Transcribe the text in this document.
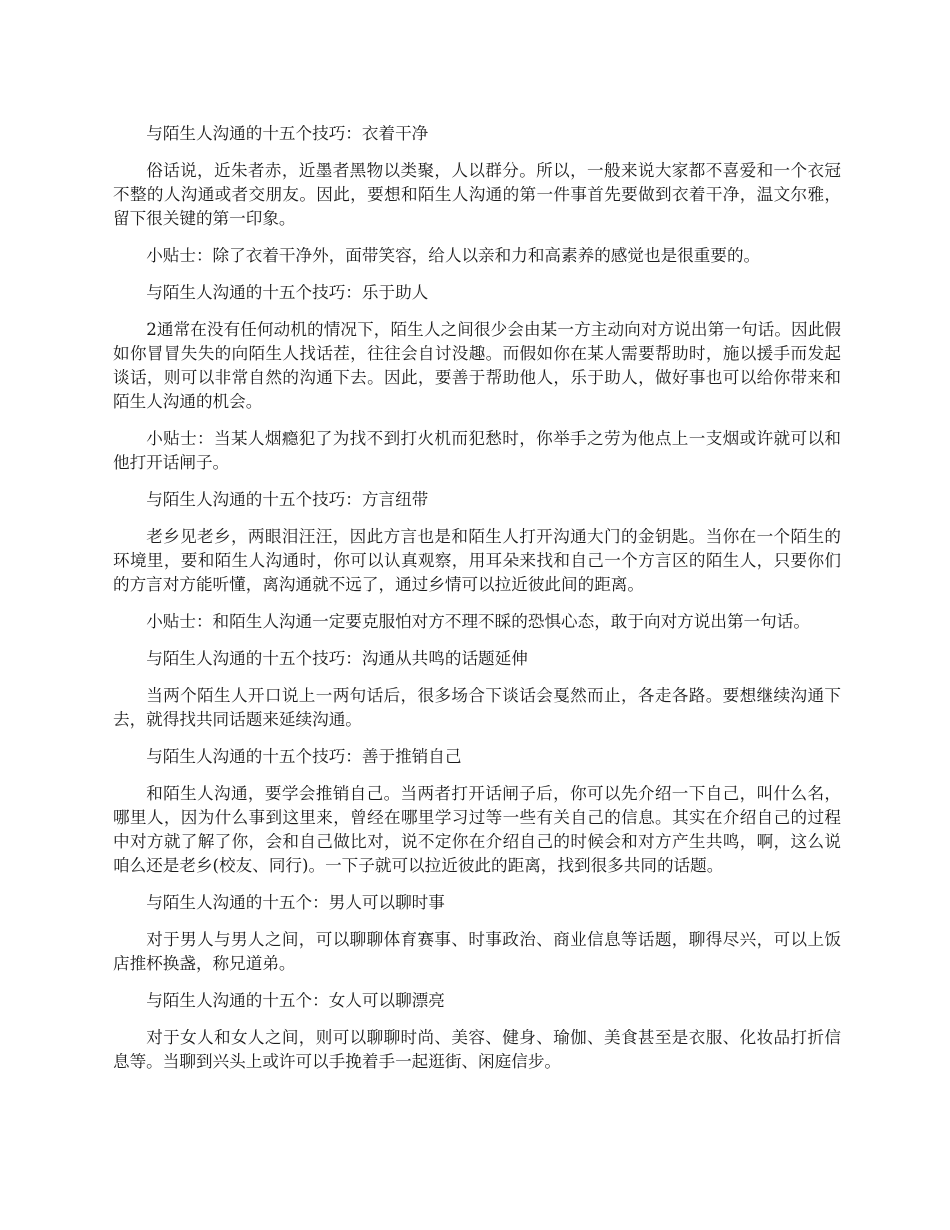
与陌生人沟通的十五个技巧：衣着干净

俗话说，近朱者赤，近墨者黑物以类聚，人以群分。所以，一般来说大家都不喜爱和一个衣冠不整的人沟通或者交朋友。因此，要想和陌生人沟通的第一件事首先要做到衣着干净，温文尔雅，留下很关键的第一印象。

小贴士：除了衣着干净外，面带笑容，给人以亲和力和高素养的感觉也是很重要的。

与陌生人沟通的十五个技巧：乐于助人

2通常在没有任何动机的情况下，陌生人之间很少会由某一方主动向对方说出第一句话。因此假如你冒冒失失的向陌生人找话茬，往往会自讨没趣。而假如你在某人需要帮助时，施以援手而发起谈话，则可以非常自然的沟通下去。因此，要善于帮助他人，乐于助人，做好事也可以给你带来和陌生人沟通的机会。

小贴士：当某人烟瘾犯了为找不到打火机而犯愁时，你举手之劳为他点上一支烟或许就可以和他打开话闸子。

与陌生人沟通的十五个技巧：方言纽带

老乡见老乡，两眼泪汪汪，因此方言也是和陌生人打开沟通大门的金钥匙。当你在一个陌生的环境里，要和陌生人沟通时，你可以认真观察，用耳朵来找和自己一个方言区的陌生人，只要你们的方言对方能听懂，离沟通就不远了，通过乡情可以拉近彼此间的距离。

小贴士：和陌生人沟通一定要克服怕对方不理不睬的恐惧心态，敢于向对方说出第一句话。

与陌生人沟通的十五个技巧：沟通从共鸣的话题延伸

当两个陌生人开口说上一两句话后，很多场合下谈话会戛然而止，各走各路。要想继续沟通下去，就得找共同话题来延续沟通。

与陌生人沟通的十五个技巧：善于推销自己

和陌生人沟通，要学会推销自己。当两者打开话闸子后，你可以先介绍一下自己，叫什么名，哪里人，因为什么事到这里来，曾经在哪里学习过等一些有关自己的信息。其实在介绍自己的过程中对方就了解了你，会和自己做比对，说不定你在介绍自己的时候会和对方产生共鸣，啊，这么说咱么还是老乡(校友、同行)。一下子就可以拉近彼此的距离，找到很多共同的话题。

与陌生人沟通的十五个：男人可以聊时事

对于男人与男人之间，可以聊聊体育赛事、时事政治、商业信息等话题，聊得尽兴，可以上饭店推杯换盏，称兄道弟。

与陌生人沟通的十五个：女人可以聊漂亮

对于女人和女人之间，则可以聊聊时尚、美容、健身、瑜伽、美食甚至是衣服、化妆品打折信息等。当聊到兴头上或许可以手挽着手一起逛街、闲庭信步。
